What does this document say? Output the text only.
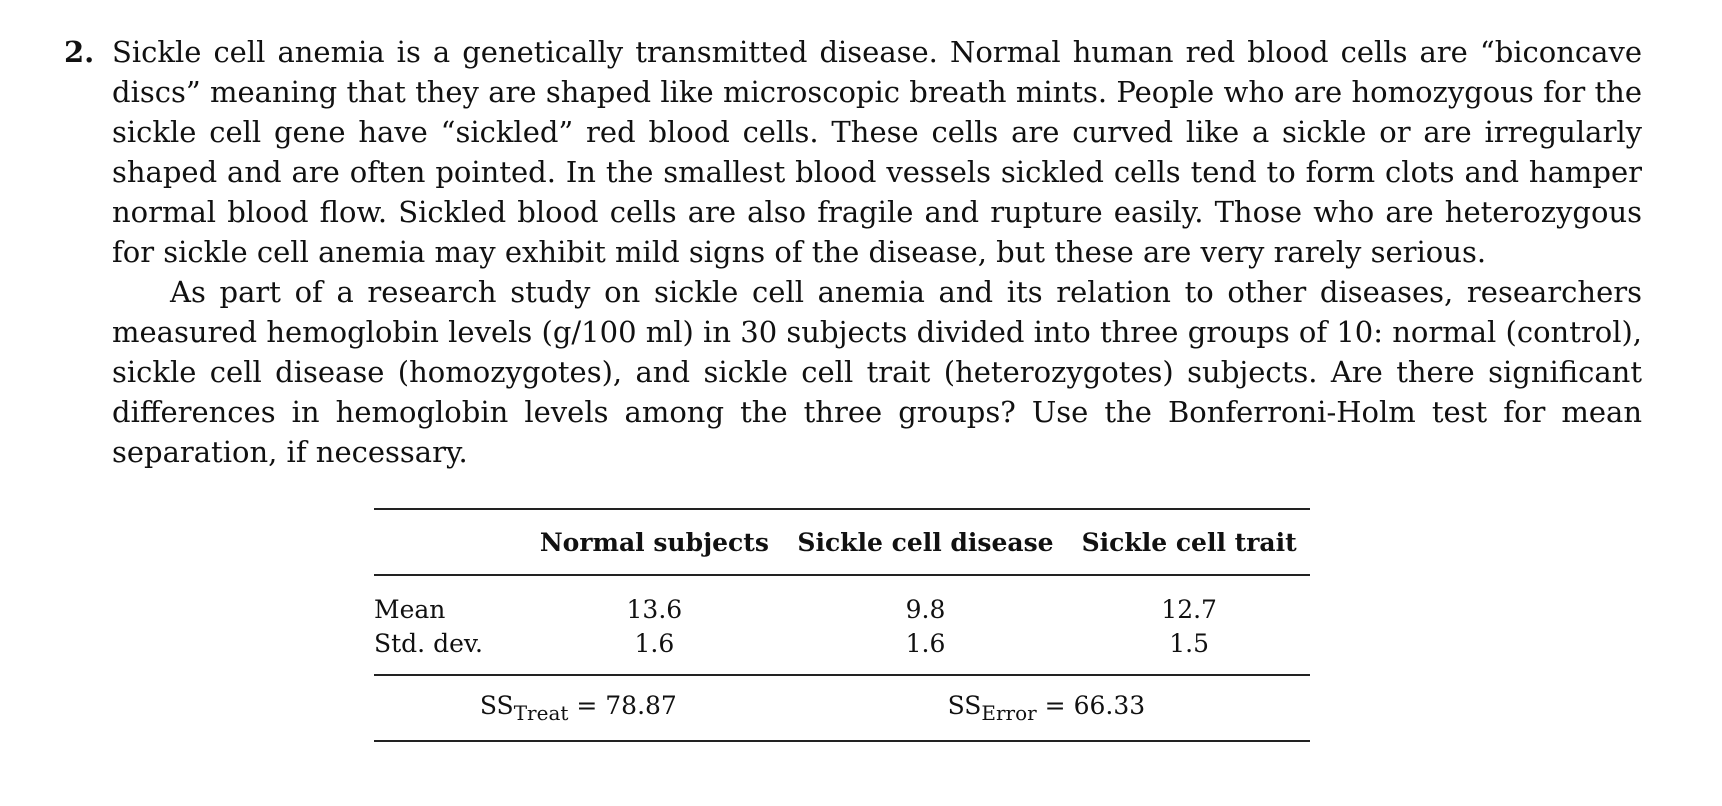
2. Sickle cell anemia is a genetically transmitted disease. Normal human red blood cells are “biconcave discs” meaning that they are shaped like microscopic breath mints. People who are homozygous for the sickle cell gene have “sickled” red blood cells. These cells are curved like a sickle or are irregularly shaped and are often pointed. In the smallest blood vessels sickled cells tend to form clots and hamper normal blood flow. Sickled blood cells are also fragile and rupture easily. Those who are heterozygous for sickle cell anemia may exhibit mild signs of the disease, but these are very rarely serious.

As part of a research study on sickle cell anemia and its relation to other diseases, researchers measured hemoglobin levels (g/100 ml) in 30 subjects divided into three groups of 10: normal (control), sickle cell disease (homozygotes), and sickle cell trait (heterozygotes) subjects. Are there significant differences in hemoglobin levels among the three groups? Use the Bonferroni-Holm test for mean separation, if necessary.

	Normal subjects	Sickle cell disease	Sickle cell trait
Mean	13.6	9.8	12.7
Std. dev.	1.6	1.6	1.5
$SS_{Treat} = 78.87$		$SS_{Error} = 66.33$	
